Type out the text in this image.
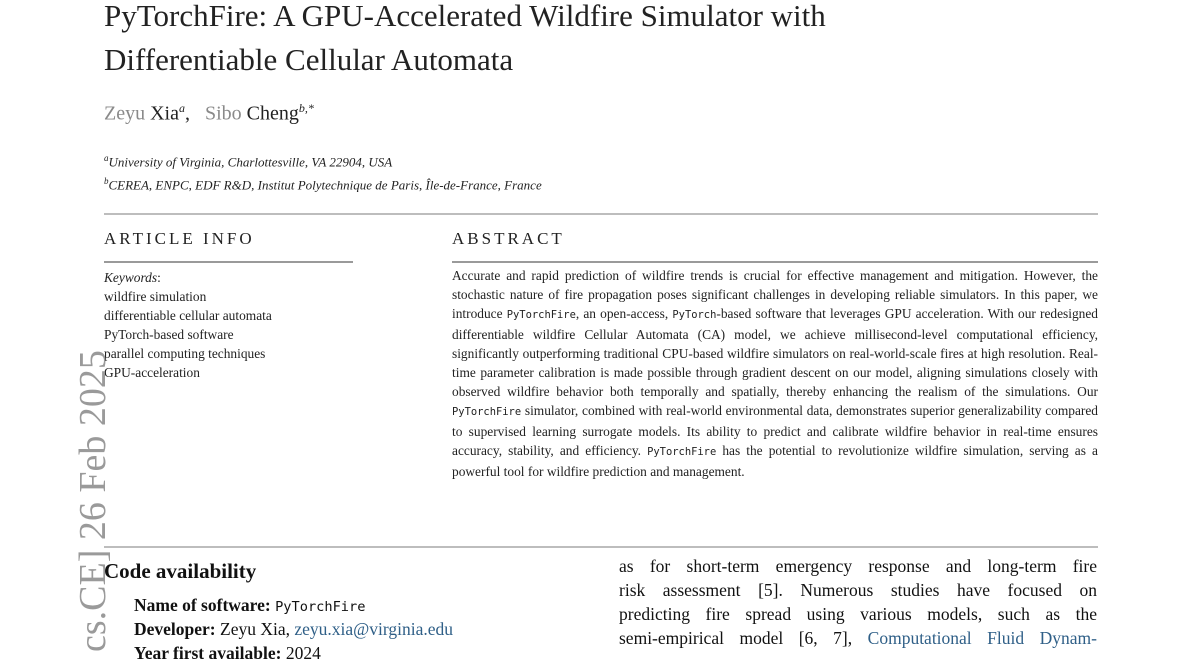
PyTorchFire: A GPU-Accelerated Wildfire Simulator with
Differentiable Cellular Automata
Zeyu Xia$^a$,   Sibo Cheng$^{b,*}$
$^a$University of Virginia, Charlottesville, VA 22904, USA
$^b$CEREA, ENPC, EDF R&D, Institut Polytechnique de Paris, Île-de-France, France
ARTICLE INFO
Keywords:
wildfire simulation
differentiable cellular automata
PyTorch-based software
parallel computing techniques
GPU-acceleration
ABSTRACT
Accurate and rapid prediction of wildfire trends is crucial for effective management and mitigation. However, the stochastic nature of fire propagation poses significant challenges in developing reliable simulators. In this paper, we introduce PyTorchFire, an open-access, PyTorch-based software that leverages GPU acceleration. With our redesigned differentiable wildfire Cellular Automata (CA) model, we achieve millisecond-level computational efficiency, significantly outperforming traditional CPU-based wildfire simulators on real-world-scale fires at high resolution. Real-time parameter calibration is made possible through gradient descent on our model, aligning simulations closely with observed wildfire behavior both temporally and spatially, thereby enhancing the realism of the simulations. Our PyTorchFire simulator, combined with real-world environmental data, demonstrates superior generalizability compared to supervised learning surrogate models. Its ability to predict and calibrate wildfire behavior in real-time ensures accuracy, stability, and efficiency. PyTorchFire has the potential to revolutionize wildfire simulation, serving as a powerful tool for wildfire prediction and management.
cs.CE] 26 Feb 2025
Code availability
Name of software: PyTorchFire
Developer: Zeyu Xia, zeyu.xia@virginia.edu
Year first available: 2024
as for short-term emergency response and long-term fire
risk assessment [5]. Numerous studies have focused on
predicting fire spread using various models, such as the
semi-empirical model [6, 7], Computational Fluid Dynam-
